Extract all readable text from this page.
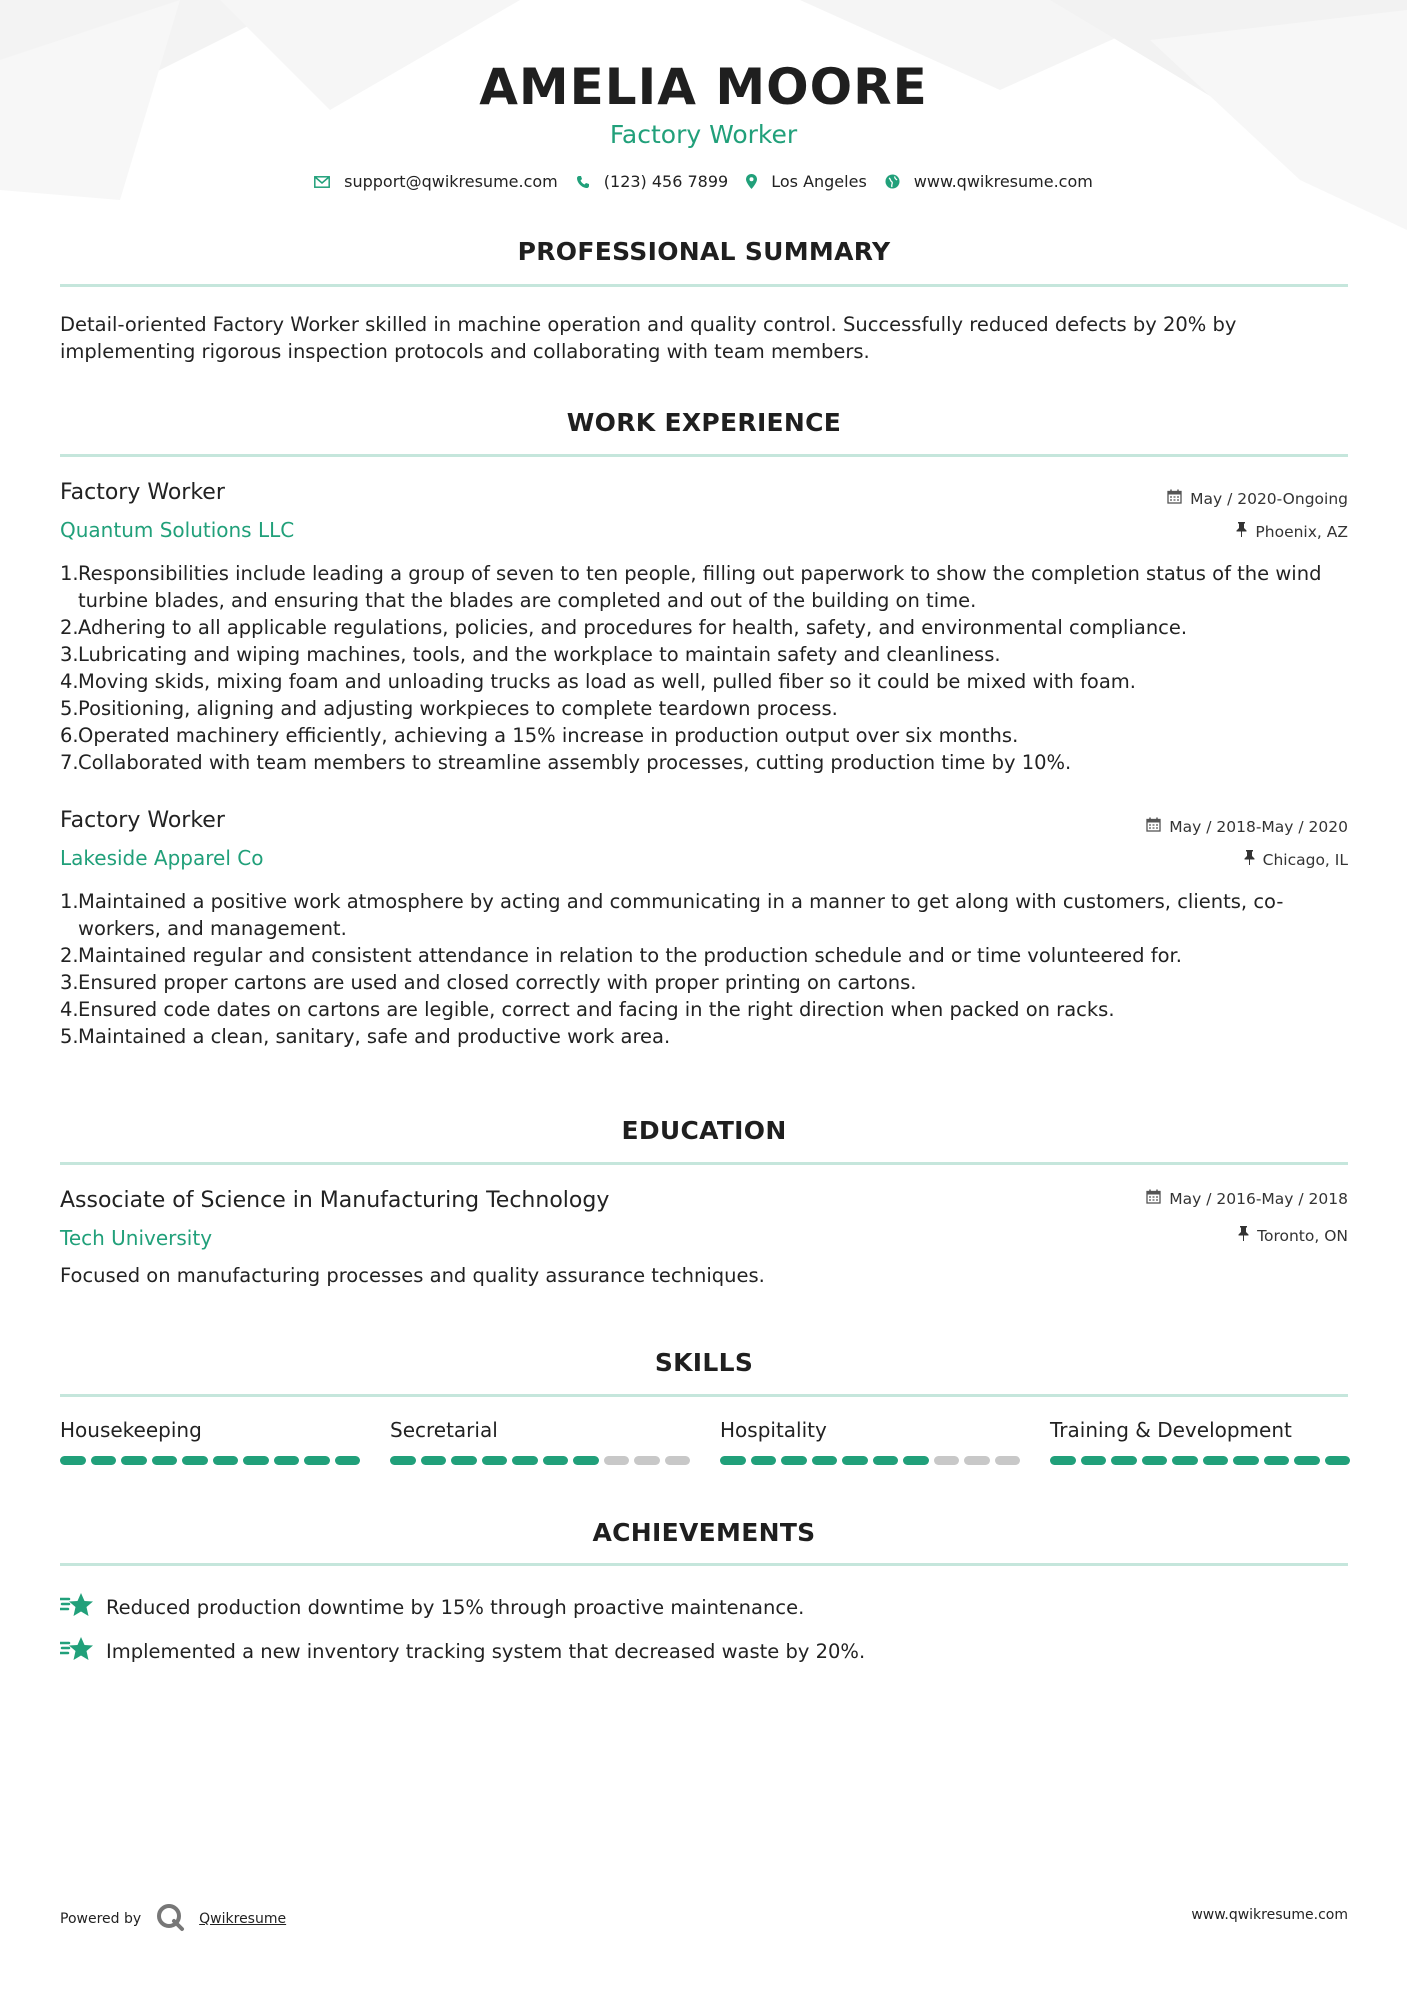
AMELIA MOORE

Factory Worker

support@qwikresume.com	(123) 456 7899	Los Angeles	www.qwikresume.com
PROFESSIONAL SUMMARY

Detail-oriented Factory Worker skilled in machine operation and quality control. Successfully reduced defects by 20% by implementing rigorous inspection protocols and collaborating with team members.

WORK EXPERIENCE

Factory Worker	May / 2020-Ongoing

Quantum Solutions LLC	Phoenix, AZ
1. Responsibilities include leading a group of seven to ten people, filling out paperwork to show the completion status of the wind turbine blades, and ensuring that the blades are completed and out of the building on time.
2. Adhering to all applicable regulations, policies, and procedures for health, safety, and environmental compliance.
3. Lubricating and wiping machines, tools, and the workplace to maintain safety and cleanliness.
4. Moving skids, mixing foam and unloading trucks as load as well, pulled fiber so it could be mixed with foam.
5. Positioning, aligning and adjusting workpieces to complete teardown process.
6. Operated machinery efficiently, achieving a 15% increase in production output over six months.
7. Collaborated with team members to streamline assembly processes, cutting production time by 10%.

Factory Worker	May / 2018-May / 2020

Lakeside Apparel Co	Chicago, IL
1. Maintained a positive work atmosphere by acting and communicating in a manner to get along with customers, clients, co-workers, and management.
2. Maintained regular and consistent attendance in relation to the production schedule and or time volunteered for.
3. Ensured proper cartons are used and closed correctly with proper printing on cartons.
4. Ensured code dates on cartons are legible, correct and facing in the right direction when packed on racks.
5. Maintained a clean, sanitary, safe and productive work area.
EDUCATION

Associate of Science in Manufacturing Technology	May / 2016-May / 2018

Tech University	Toronto, ON

Focused on manufacturing processes and quality assurance techniques.

SKILLS

Housekeeping	Secretarial	Hospitality	Training & Development

ACHIEVEMENTS
Reduced production downtime by 15% through proactive maintenance.
Implemented a new inventory tracking system that decreased waste by 20%.
Powered by	Qwikresume	www.qwikresume.com
